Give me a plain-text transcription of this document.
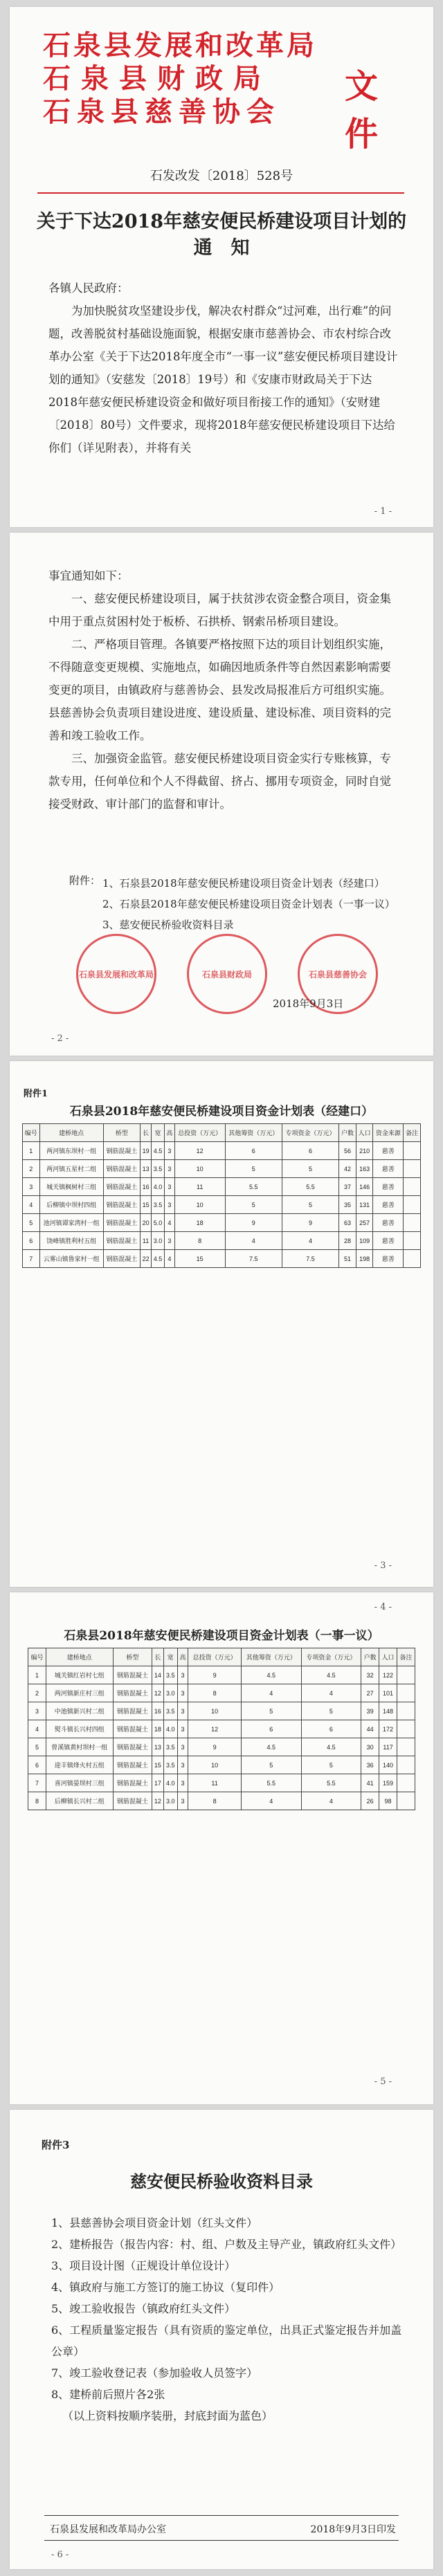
石泉县发展和改革局
石泉县财政局
石泉县慈善协会
文件
石发改发〔2018〕528号
关于下达2018年慈安便民桥建设项目计划的
通　知

各镇人民政府：

为加快脱贫攻坚建设步伐，解决农村群众“过河难，出行难”的问题，改善脱贫村基础设施面貌，根据安康市慈善协会、市农村综合改革办公室《关于下达2018年度全市“一事一议”慈安便民桥项目建设计划的通知》（安慈发〔2018〕19号）和《安康市财政局关于下达2018年慈安便民桥建设资金和做好项目衔接工作的通知》（安财建〔2018〕80号）文件要求，现将2018年慈安便民桥建设项目下达给你们（详见附表），并将有关

- 1 -

事宜通知如下：

一、慈安便民桥建设项目，属于扶贫涉农资金整合项目，资金集中用于重点贫困村处于板桥、石拱桥、钢索吊桥项目建设。

二、严格项目管理。各镇要严格按照下达的项目计划组织实施，不得随意变更规模、实施地点，如确因地质条件等自然因素影响需要变更的项目，由镇政府与慈善协会、县发改局报准后方可组织实施。县慈善协会负责项目建设进度、建设质量、建设标准、项目资料的完善和竣工验收工作。

三、加强资金监管。慈安便民桥建设项目资金实行专账核算，专款专用，任何单位和个人不得截留、挤占、挪用专项资金，同时自觉接受财政、审计部门的监督和审计。

附件： 1、石泉县2018年慈安便民桥建设项目资金计划表（经建口）
2、石泉县2018年慈安便民桥建设项目资金计划表（一事一议）
3、慈安便民桥验收资料目录
石泉县发展和改革局	石泉县财政局	石泉县慈善协会
2018年9月3日
- 2 -
附件1
石泉县2018年慈安便民桥建设项目资金计划表（经建口）
编号	建桥地点	桥型	长	宽	高	总投资（万元）	其他筹资（万元）	专项资金（万元）	户数	人口	资金来源	备注
1	两河镇东坝村一组	钢筋混凝土	19	4.5	3	12	6	6	56	210	慈善	
2	两河镇五星村二组	钢筋混凝土	13	3.5	3	10	5	5	42	163	慈善	
3	城关镇枫树村三组	钢筋混凝土	16	4.0	3	11	5.5	5.5	37	146	慈善	
4	后柳镇中坝村四组	钢筋混凝土	15	3.5	3	10	5	5	35	131	慈善	
5	池河镇谭家湾村一组	钢筋混凝土	20	5.0	4	18	9	9	63	257	慈善	
6	饶峰镇胜利村五组	钢筋混凝土	11	3.0	3	8	4	4	28	109	慈善	
7	云雾山镇鲁家村一组	钢筋混凝土	22	4.5	4	15	7.5	7.5	51	198	慈善	
- 3 -
- 4 -
石泉县2018年慈安便民桥建设项目资金计划表（一事一议）
编号	建桥地点	桥型	长	宽	高	总投资（万元）	其他筹资（万元）	专项资金（万元）	户数	人口	备注
1	城关镇红岩村七组	钢筋混凝土	14	3.5	3	9	4.5	4.5	32	122	
2	两河镇新庄村三组	钢筋混凝土	12	3.0	3	8	4	4	27	101	
3	中池镇新兴村二组	钢筋混凝土	16	3.5	3	10	5	5	39	148	
4	熨斗镇长兴村四组	钢筋混凝土	18	4.0	3	12	6	6	44	172	
5	曾溪镇黄村坝村一组	钢筋混凝土	13	3.5	3	9	4.5	4.5	30	117	
6	迎丰镇烽火村五组	钢筋混凝土	15	3.5	3	10	5	5	36	140	
7	喜河镇晏坝村三组	钢筋混凝土	17	4.0	3	11	5.5	5.5	41	159	
8	后柳镇长兴村二组	钢筋混凝土	12	3.0	3	8	4	4	26	98	
- 5 -
附件3
慈安便民桥验收资料目录

1、县慈善协会项目资金计划（红头文件）

2、建桥报告（报告内容：村、组、户数及主导产业，镇政府红头文件）

3、项目设计图（正规设计单位设计）

4、镇政府与施工方签订的施工协议（复印件）

5、竣工验收报告（镇政府红头文件）

6、工程质量鉴定报告（具有资质的鉴定单位，出具正式鉴定报告并加盖公章）

7、竣工验收登记表（参加验收人员签字）

8、建桥前后照片各2张

（以上资料按顺序装册，封底封面为蓝色）

石泉县发展和改革局办公室	2018年9月3日印发
- 6 -
